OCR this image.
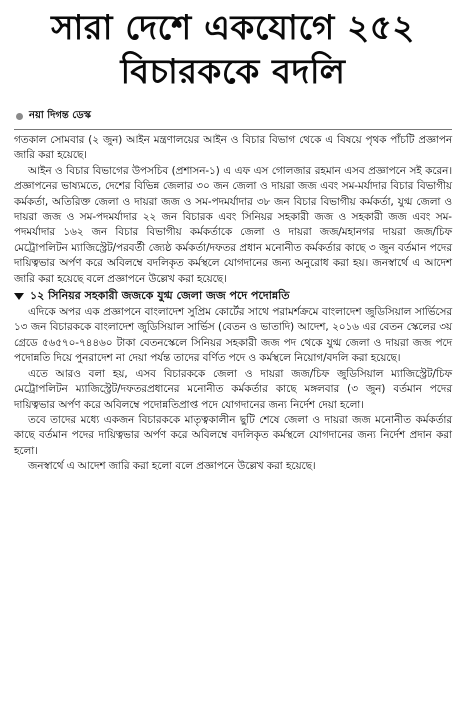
সারা দেশে একযোগে ২৫২
বিচারককে বদলি
নয়া দিগন্ত ডেস্ক

গতকাল সোমবার (২ জুন) আইন মন্ত্রণালয়ের আইন ও বিচার বিভাগ থেকে এ বিষয়ে পৃথক পাঁচটি প্রজ্ঞাপন জারি করা হয়েছে।

আইন ও বিচার বিভাগের উপসচিব (প্রশাসন-১) এ এফ এস গোলজার রহমান এসব প্রজ্ঞাপনে সই করেন। প্রজ্ঞাপনের ভাষ্যমতে, দেশের বিভিন্ন জেলার ৩০ জন জেলা ও দায়রা জজ এবং সম-মর্যাদার বিচার বিভাগীয় কর্মকর্তা, অতিরিক্ত জেলা ও দায়রা জজ ও সম-পদমর্যাদার ৩৮ জন বিচার বিভাগীয় কর্মকর্তা, যুগ্ম জেলা ও দায়রা জজ ও সম-পদমর্যাদার ২২ জন বিচারক এবং সিনিয়র সহকারী জজ ও সহকারী জজ এবং সম-পদমর্যাদার ১৬২ জন বিচার বিভাগীয় কর্মকর্তাকে জেলা ও দায়রা জজ/মহানগর দায়রা জজ/চিফ মেট্রোপলিটন ম্যাজিস্ট্রেট/পরবর্তী জ্যেষ্ঠ কর্মকর্তা/দফতর প্রধান মনোনীত কর্মকর্তার কাছে ৩ জুন বর্তমান পদের দায়িত্বভার অর্পণ করে অবিলম্বে বদলিকৃত কর্মস্থলে যোগদানের জন্য অনুরোধ করা হয়। জনস্বার্থে এ আদেশ জারি করা হয়েছে বলে প্রজ্ঞাপনে উল্লেখ করা হয়েছে।

১২ সিনিয়র সহকারী জজকে যুগ্ম জেলা জজ পদে পদোন্নতি

এদিকে অপর এক প্রজ্ঞাপনে বাংলাদেশ সুপ্রিম কোর্টের সাথে পরামর্শক্রমে বাংলাদেশ জুডিসিয়াল সার্ভিসের ১৩ জন বিচারককে বাংলাদেশ জুডিসিয়াল সার্ভিস (বেতন ও ভাতাদি) আদেশ, ২০১৬ এর বেতন স্কেলের ৩য় গ্রেডে ৫৬৫৭০-৭৪৪৬০ টাকা বেতনস্কেলে সিনিয়র সহকারী জজ পদ থেকে যুগ্ম জেলা ও দায়রা জজ পদে পদোন্নতি দিয়ে পুনরাদেশ না দেয়া পর্যন্ত তাদের বর্ণিত পদে ও কর্মস্থলে নিয়োগ/বদলি করা হয়েছে।

এতে আরও বলা হয়, এসব বিচারককে জেলা ও দায়রা জজ/চিফ জুডিসিয়াল ম্যাজিস্ট্রেট/চিফ মেট্রোপলিটন ম্যাজিস্ট্রেট/দফতরপ্রধানের মনোনীত কর্মকর্তার কাছে মঙ্গলবার (৩ জুন) বর্তমান পদের দায়িত্বভার অর্পণ করে অবিলম্বে পদোন্নতিপ্রাপ্ত পদে যোগদানের জন্য নির্দেশ দেয়া হলো।

তবে তাদের মধ্যে একজন বিচারককে মাতৃত্বকালীন ছুটি শেষে জেলা ও দায়রা জজ মনোনীত কর্মকর্তার কাছে বর্তমান পদের দায়িত্বভার অর্পণ করে অবিলম্বে বদলিকৃত কর্মস্থলে যোগদানের জন্য নির্দেশ প্রদান করা হলো।

জনস্বার্থে এ আদেশ জারি করা হলো বলে প্রজ্ঞাপনে উল্লেখ করা হয়েছে।
